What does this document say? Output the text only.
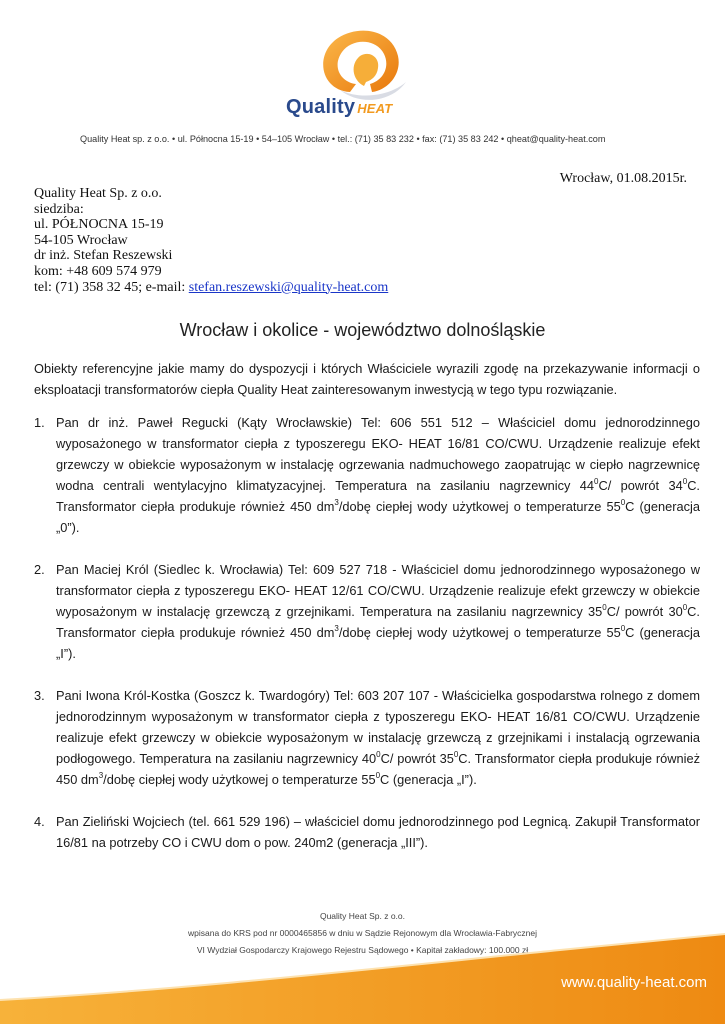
Quality HEAT
Quality Heat sp. z o.o. • ul. Północna 15-19 • 54–105 Wrocław • tel.: (71) 35 83 232 • fax: (71) 35 83 242 • qheat@quality-heat.com
Wrocław, 01.08.2015r.
Quality Heat Sp. z o.o.
siedziba:
ul. PÓŁNOCNA 15-19
54-105 Wrocław
dr inż. Stefan Reszewski
kom: +48 609 574 979
tel: (71) 358 32 45; e-mail: stefan.reszewski@quality-heat.com
Wrocław i okolice - województwo dolnośląskie
Obiekty referencyjne jakie mamy do dyspozycji i których Właściciele wyrazili zgodę na przekazywanie informacji o eksploatacji transformatorów ciepła Quality Heat zainteresowanym inwestycją w tego typu rozwiązanie.
1. Pan dr inż. Paweł Regucki (Kąty Wrocławskie) Tel: 606 551 512 – Właściciel domu jednorodzinnego wyposażonego w transformator ciepła z typoszeregu EKO- HEAT 16/81 CO/CWU. Urządzenie realizuje efekt grzewczy w obiekcie wyposażonym w instalację ogrzewania nadmuchowego zaopatrując w ciepło nagrzewnicę wodna centrali wentylacyjno klimatyzacyjnej. Temperatura na zasilaniu nagrzewnicy $44^0C/$ powrót $34^0C$. Transformator ciepła produkuje również 450 $dm^3$/dobę ciepłej wody użytkowej o temperaturze $55^0C$ (generacja „0”).
2. Pan Maciej Król (Siedlec k. Wrocławia) Tel: 609 527 718 - Właściciel domu jednorodzinnego wyposażonego w transformator ciepła z typoszeregu EKO- HEAT 12/61 CO/CWU. Urządzenie realizuje efekt grzewczy w obiekcie wyposażonym w instalację grzewczą z grzejnikami. Temperatura na zasilaniu nagrzewnicy $35^0C/$ powrót $30^0C$. Transformator ciepła produkuje również 450 $dm^3$/dobę ciepłej wody użytkowej o temperaturze $55^0C$ (generacja „I”).
3. Pani Iwona Król-Kostka (Goszcz k. Twardogóry) Tel: 603 207 107 - Właścicielka gospodarstwa rolnego z domem jednorodzinnym wyposażonym w transformator ciepła z typoszeregu EKO- HEAT 16/81 CO/CWU. Urządzenie realizuje efekt grzewczy w obiekcie wyposażonym w instalację grzewczą z grzejnikami i instalacją ogrzewania podłogowego. Temperatura na zasilaniu nagrzewnicy $40^0C/$ powrót $35^0C$. Transformator ciepła produkuje również 450 $dm^3$/dobę ciepłej wody użytkowej o temperaturze $55^0C$ (generacja „I”).
4. Pan Zieliński Wojciech (tel. 661 529 196) – właściciel domu jednorodzinnego pod Legnicą. Zakupił Transformator 16/81 na potrzeby CO i CWU dom o pow. 240m2 (generacja „III”).
Quality Heat Sp. z o.o.
wpisana do KRS pod nr 0000465856 w dniu w Sądzie Rejonowym dla Wrocławia-Fabrycznej
VI Wydział Gospodarczy Krajowego Rejestru Sądowego • Kapitał zakładowy: 100.000 zł
www.quality-heat.com
